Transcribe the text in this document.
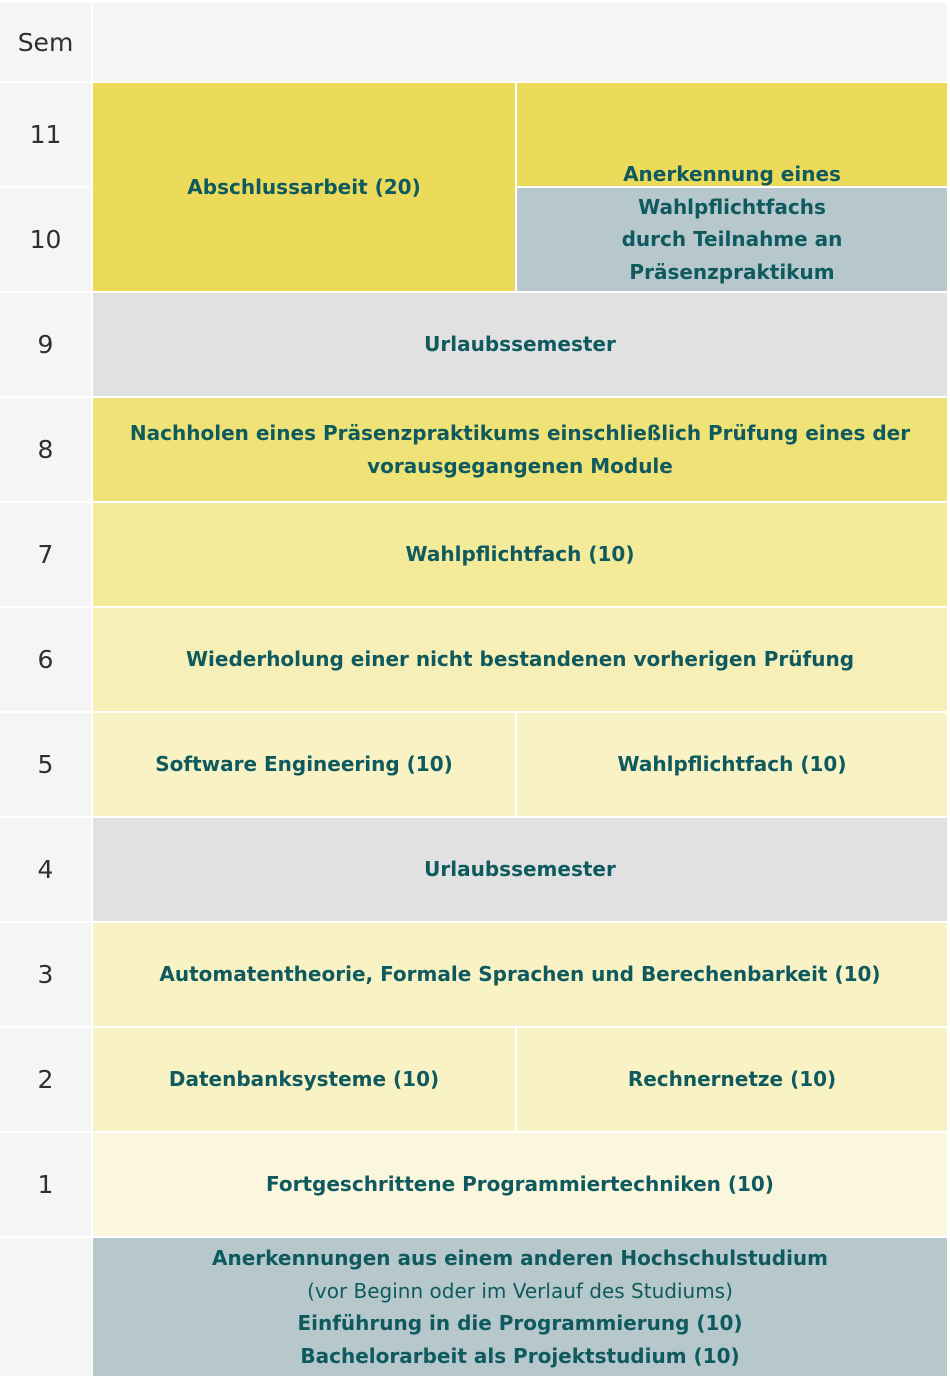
Sem
11
10
9
8
7
6
5
4
3
2
1
Abschlussarbeit (20)
Anerkennung eines Wahlpflichtfachs
durch Teilnahme an Präsenzpraktikum
Urlaubssemester
Nachholen eines Präsenzpraktikums einschließlich Prüfung eines der
vorausgegangenen Module
Wahlpflichtfach (10)
Wiederholung einer nicht bestandenen vorherigen Prüfung
Software Engineering (10)	Wahlpflichtfach (10)
Urlaubssemester
Automatentheorie, Formale Sprachen und Berechenbarkeit (10)
Datenbanksysteme (10)	Rechnernetze (10)
Fortgeschrittene Programmiertechniken (10)
Anerkennungen aus einem anderen Hochschulstudium
(vor Beginn oder im Verlauf des Studiums)
Einführung in die Programmierung (10)
Bachelorarbeit als Projektstudium (10)
